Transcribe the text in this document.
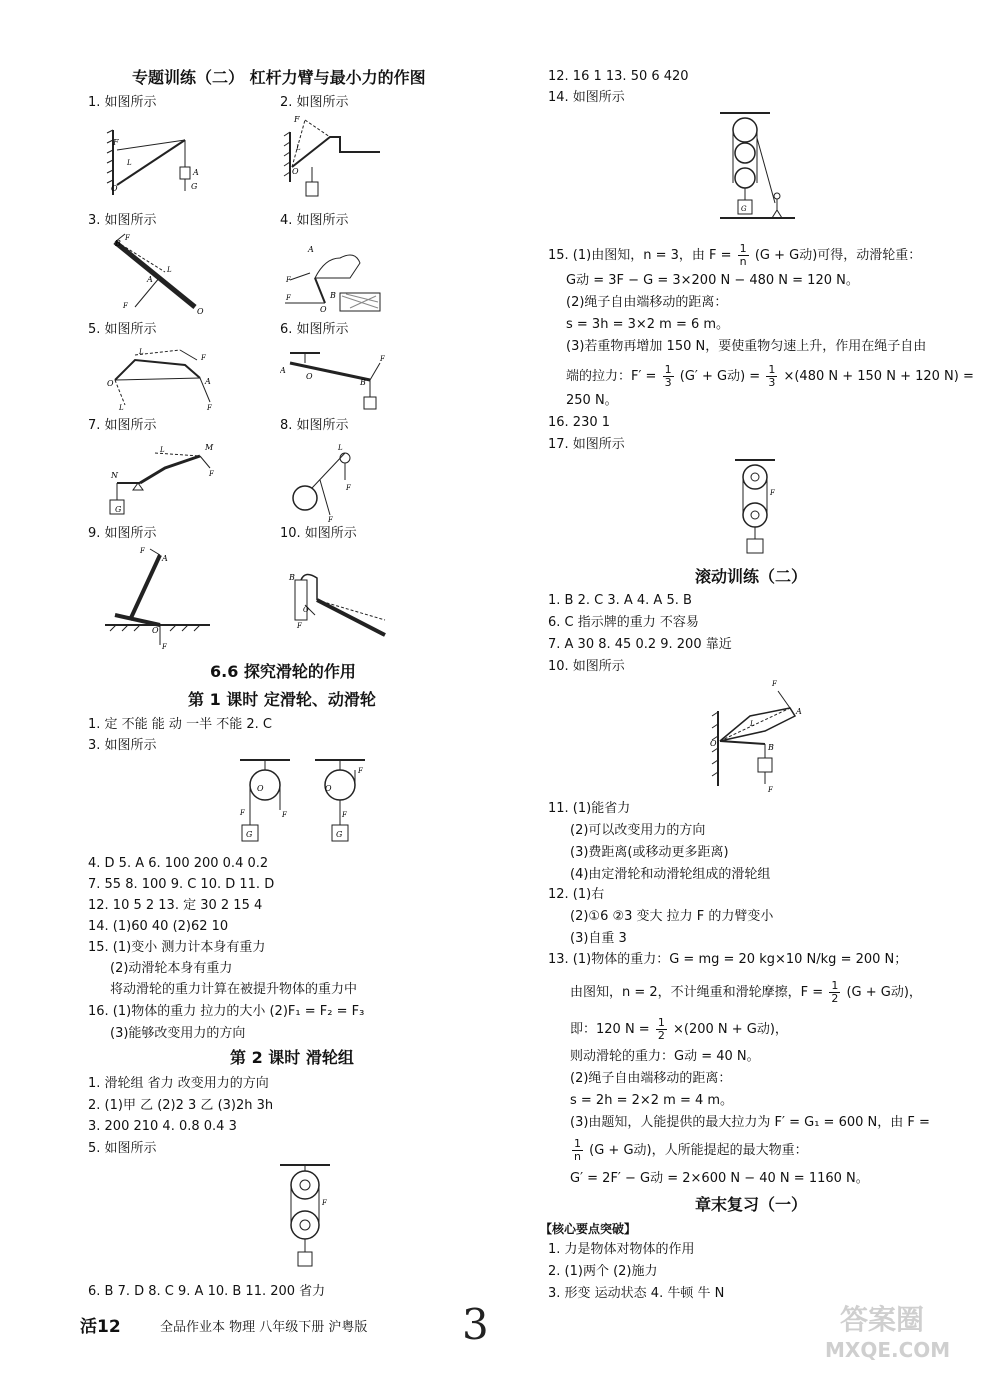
专题训练（二） 杠杆力臂与最小力的作图
1. 如图所示	2. 如图所示
F
O
A
G
L
F
O
L
3. 如图所示	4. 如图所示
B
F
A
O
F
L
F
F
O
A
B
5. 如图所示	6. 如图所示
O
F
A
F
L
L
A
O
B
F
7. 如图所示	8. 如图所示
N
M
F
G
L
F
F
L
9. 如图所示	10. 如图所示
F
A
O
F
B
O
F
6.6 探究滑轮的作用
第 1 课时 定滑轮、动滑轮
1. 定 不能 能 动 一半 不能 2. C
3. 如图所示
G
O
F	F
G
O
F
F
4. D 5. A 6. 100 200 0.4 0.2
7. 55 8. 100 9. C 10. D 11. D
12. 10 5 2 13. 定 30 2 15 4
14. (1)60 40 (2)62 10
15. (1)变小 测力计本身有重力
(2)动滑轮本身有重力
将动滑轮的重力计算在被提升物体的重力中
16. (1)物体的重力 拉力的大小 (2)F₁ = F₂ = F₃
(3)能够改变用力的方向
第 2 课时 滑轮组
1. 滑轮组 省力 改变用力的方向
2. (1)甲 乙 (2)2 3 乙 (3)2h 3h
3. 200 210 4. 0.8 0.4 3
5. 如图所示
F
6. B 7. D 8. C 9. A 10. B 11. 200 省力
12. 16 1 13. 50 6 420
14. 如图所示
G
15. (1)由图知，n = 3，由 $F = \frac{1}{n} (G + G$动)可得，动滑轮重：
G动 = 3F − G = 3×200 N − 480 N = 120 N。
(2)绳子自由端移动的距离：
s = 3h = 3×2 m = 6 m。
(3)若重物再增加 150 N，要使重物匀速上升，作用在绳子自由
端的拉力：$F' = \frac{1}{3} (G' + G$动) = $\frac{1}{3} \times(480$ N + 150 N + 120 N) =
250 N。
16. 230 1
17. 如图所示
F
滚动训练（二）
1. B 2. C 3. A 4. A 5. B
6. C 指示牌的重力 不容易
7. A 30 8. 45 0.2 9. 200 靠近
10. 如图所示
F
A
O	B
F
L
11. (1)能省力
(2)可以改变用力的方向
(3)费距离(或移动更多距离)
(4)由定滑轮和动滑轮组成的滑轮组
12. (1)右
(2)①6 ②3 变大 拉力 F 的力臂变小
(3)自重 3
13. (1)物体的重力：G = mg = 20 kg×10 N/kg = 200 N；
由图知，n = 2，不计绳重和滑轮摩擦，$F = \frac{1}{2} (G + G$动)，
即：120 $N = \frac{1}{2} \times(200$ N + G动)，
则动滑轮的重力：G动 = 40 N。
(2)绳子自由端移动的距离：
s = 2h = 2×2 m = 4 m。
(3)由题知，人能提供的最大拉力为 F′ = G₁ = 600 N，由 F =
$\frac{1}{n} (G + G$动)，人所能提起的最大物重：
G′ = 2F′ − G动 = 2×600 N − 40 N = 1160 N。
章末复习（一）
【核心要点突破】
1. 力是物体对物体的作用
2. (1)两个 (2)施力
3. 形变 运动状态 4. 牛顿 牛 N
活12	全品作业本 物理 八年级下册 沪粤版 3	答案圈
MXQE.COM
